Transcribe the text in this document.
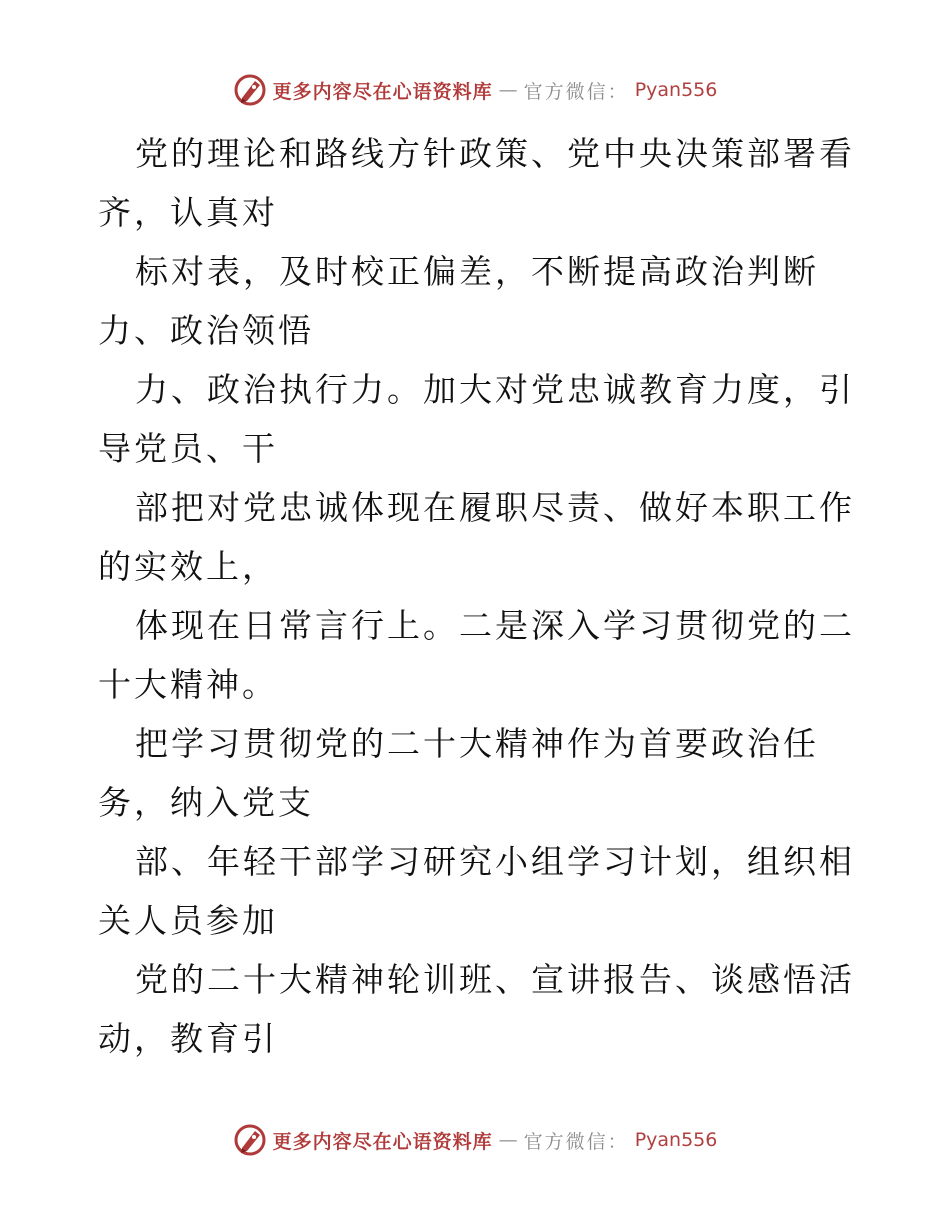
更多内容尽在心语资料库 — 官方微信： Pyan556

党的理论和路线方针政策、党中央决策部署看齐，认真对

标对表，及时校正偏差，不断提高政治判断力、政治领悟

力、政治执行力。加大对党忠诚教育力度，引导党员、干

部把对党忠诚体现在履职尽责、做好本职工作的实效上，

体现在日常言行上。二是深入学习贯彻党的二十大精神。

把学习贯彻党的二十大精神作为首要政治任务，纳入党支

部、年轻干部学习研究小组学习计划，组织相关人员参加

党的二十大精神轮训班、宣讲报告、谈感悟活动，教育引

更多内容尽在心语资料库 — 官方微信： Pyan556
